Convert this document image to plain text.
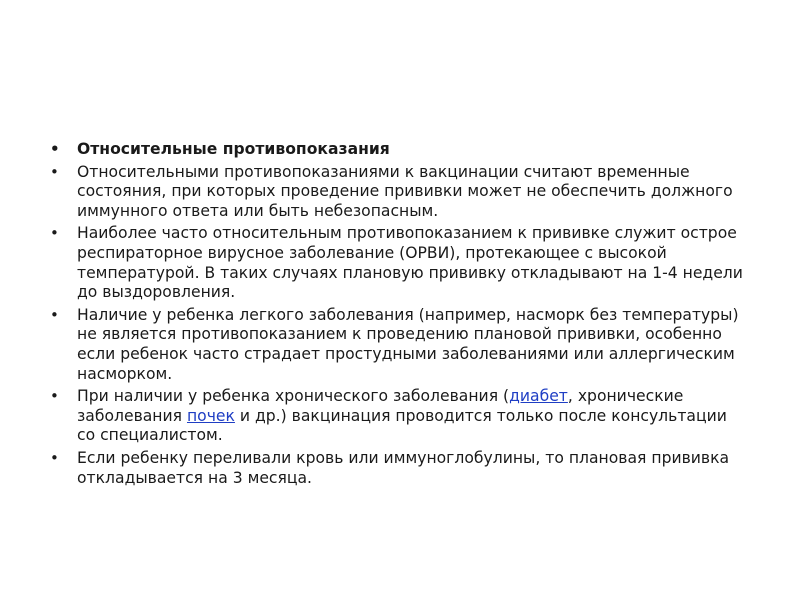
• Относительные противопоказания
• Относительными противопоказаниями к вакцинации считают временные состояния, при которых проведение прививки может не обеспечить должного иммунного ответа или быть небезопасным.
• Наиболее часто относительным противопоказанием к прививке служит острое респираторное вирусное заболевание (ОРВИ), протекающее с высокой температурой. В таких случаях плановую прививку откладывают на 1-4 недели до выздоровления.
• Наличие у ребенка легкого заболевания (например, насморк без температуры) не является противопоказанием к проведению плановой прививки, особенно если ребенок часто страдает простудными заболеваниями или аллергическим насморком.
• При наличии у ребенка хронического заболевания (диабет, хронические заболевания почек и др.) вакцинация проводится только после консультации со специалистом.
• Если ребенку переливали кровь или иммуноглобулины, то плановая прививка откладывается на 3 месяца.
